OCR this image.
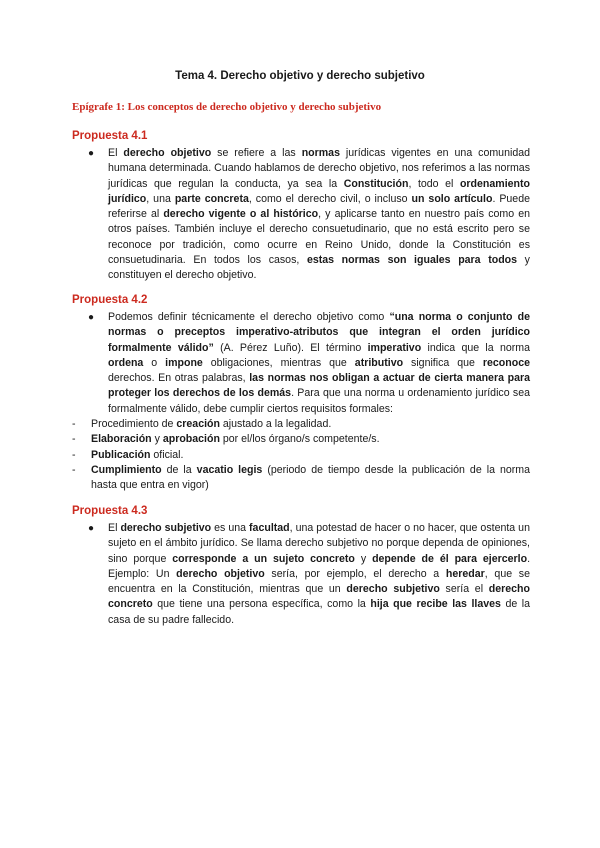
Tema 4. Derecho objetivo y derecho subjetivo
Epígrafe 1: Los conceptos de derecho objetivo y derecho subjetivo
Propuesta 4.1
● El derecho objetivo se refiere a las normas jurídicas vigentes en una comunidad humana determinada. Cuando hablamos de derecho objetivo, nos referimos a las normas jurídicas que regulan la conducta, ya sea la Constitución, todo el ordenamiento jurídico, una parte concreta, como el derecho civil, o incluso un solo artículo. Puede referirse al derecho vigente o al histórico, y aplicarse tanto en nuestro país como en otros países. También incluye el derecho consuetudinario, que no está escrito pero se reconoce por tradición, como ocurre en Reino Unido, donde la Constitución es consuetudinaria. En todos los casos, estas normas son iguales para todos y constituyen el derecho objetivo.
Propuesta 4.2
● Podemos definir técnicamente el derecho objetivo como “una norma o conjunto de normas o preceptos imperativo-atributos que integran el orden jurídico formalmente válido” (A. Pérez Luño). El término imperativo indica que la norma ordena o impone obligaciones, mientras que atributivo significa que reconoce derechos. En otras palabras, las normas nos obligan a actuar de cierta manera para proteger los derechos de los demás. Para que una norma u ordenamiento jurídico sea formalmente válido, debe cumplir ciertos requisitos formales:
- Procedimiento de creación ajustado a la legalidad.
- Elaboración y aprobación por el/los órgano/s competente/s.
- Publicación oficial.
- Cumplimiento de la vacatio legis (periodo de tiempo desde la publicación de la norma hasta que entra en vigor)
Propuesta 4.3
● El derecho subjetivo es una facultad, una potestad de hacer o no hacer, que ostenta un sujeto en el ámbito jurídico. Se llama derecho subjetivo no porque dependa de opiniones, sino porque corresponde a un sujeto concreto y depende de él para ejercerlo. Ejemplo: Un derecho objetivo sería, por ejemplo, el derecho a heredar, que se encuentra en la Constitución, mientras que un derecho subjetivo sería el derecho concreto que tiene una persona específica, como la hija que recibe las llaves de la casa de su padre fallecido.
